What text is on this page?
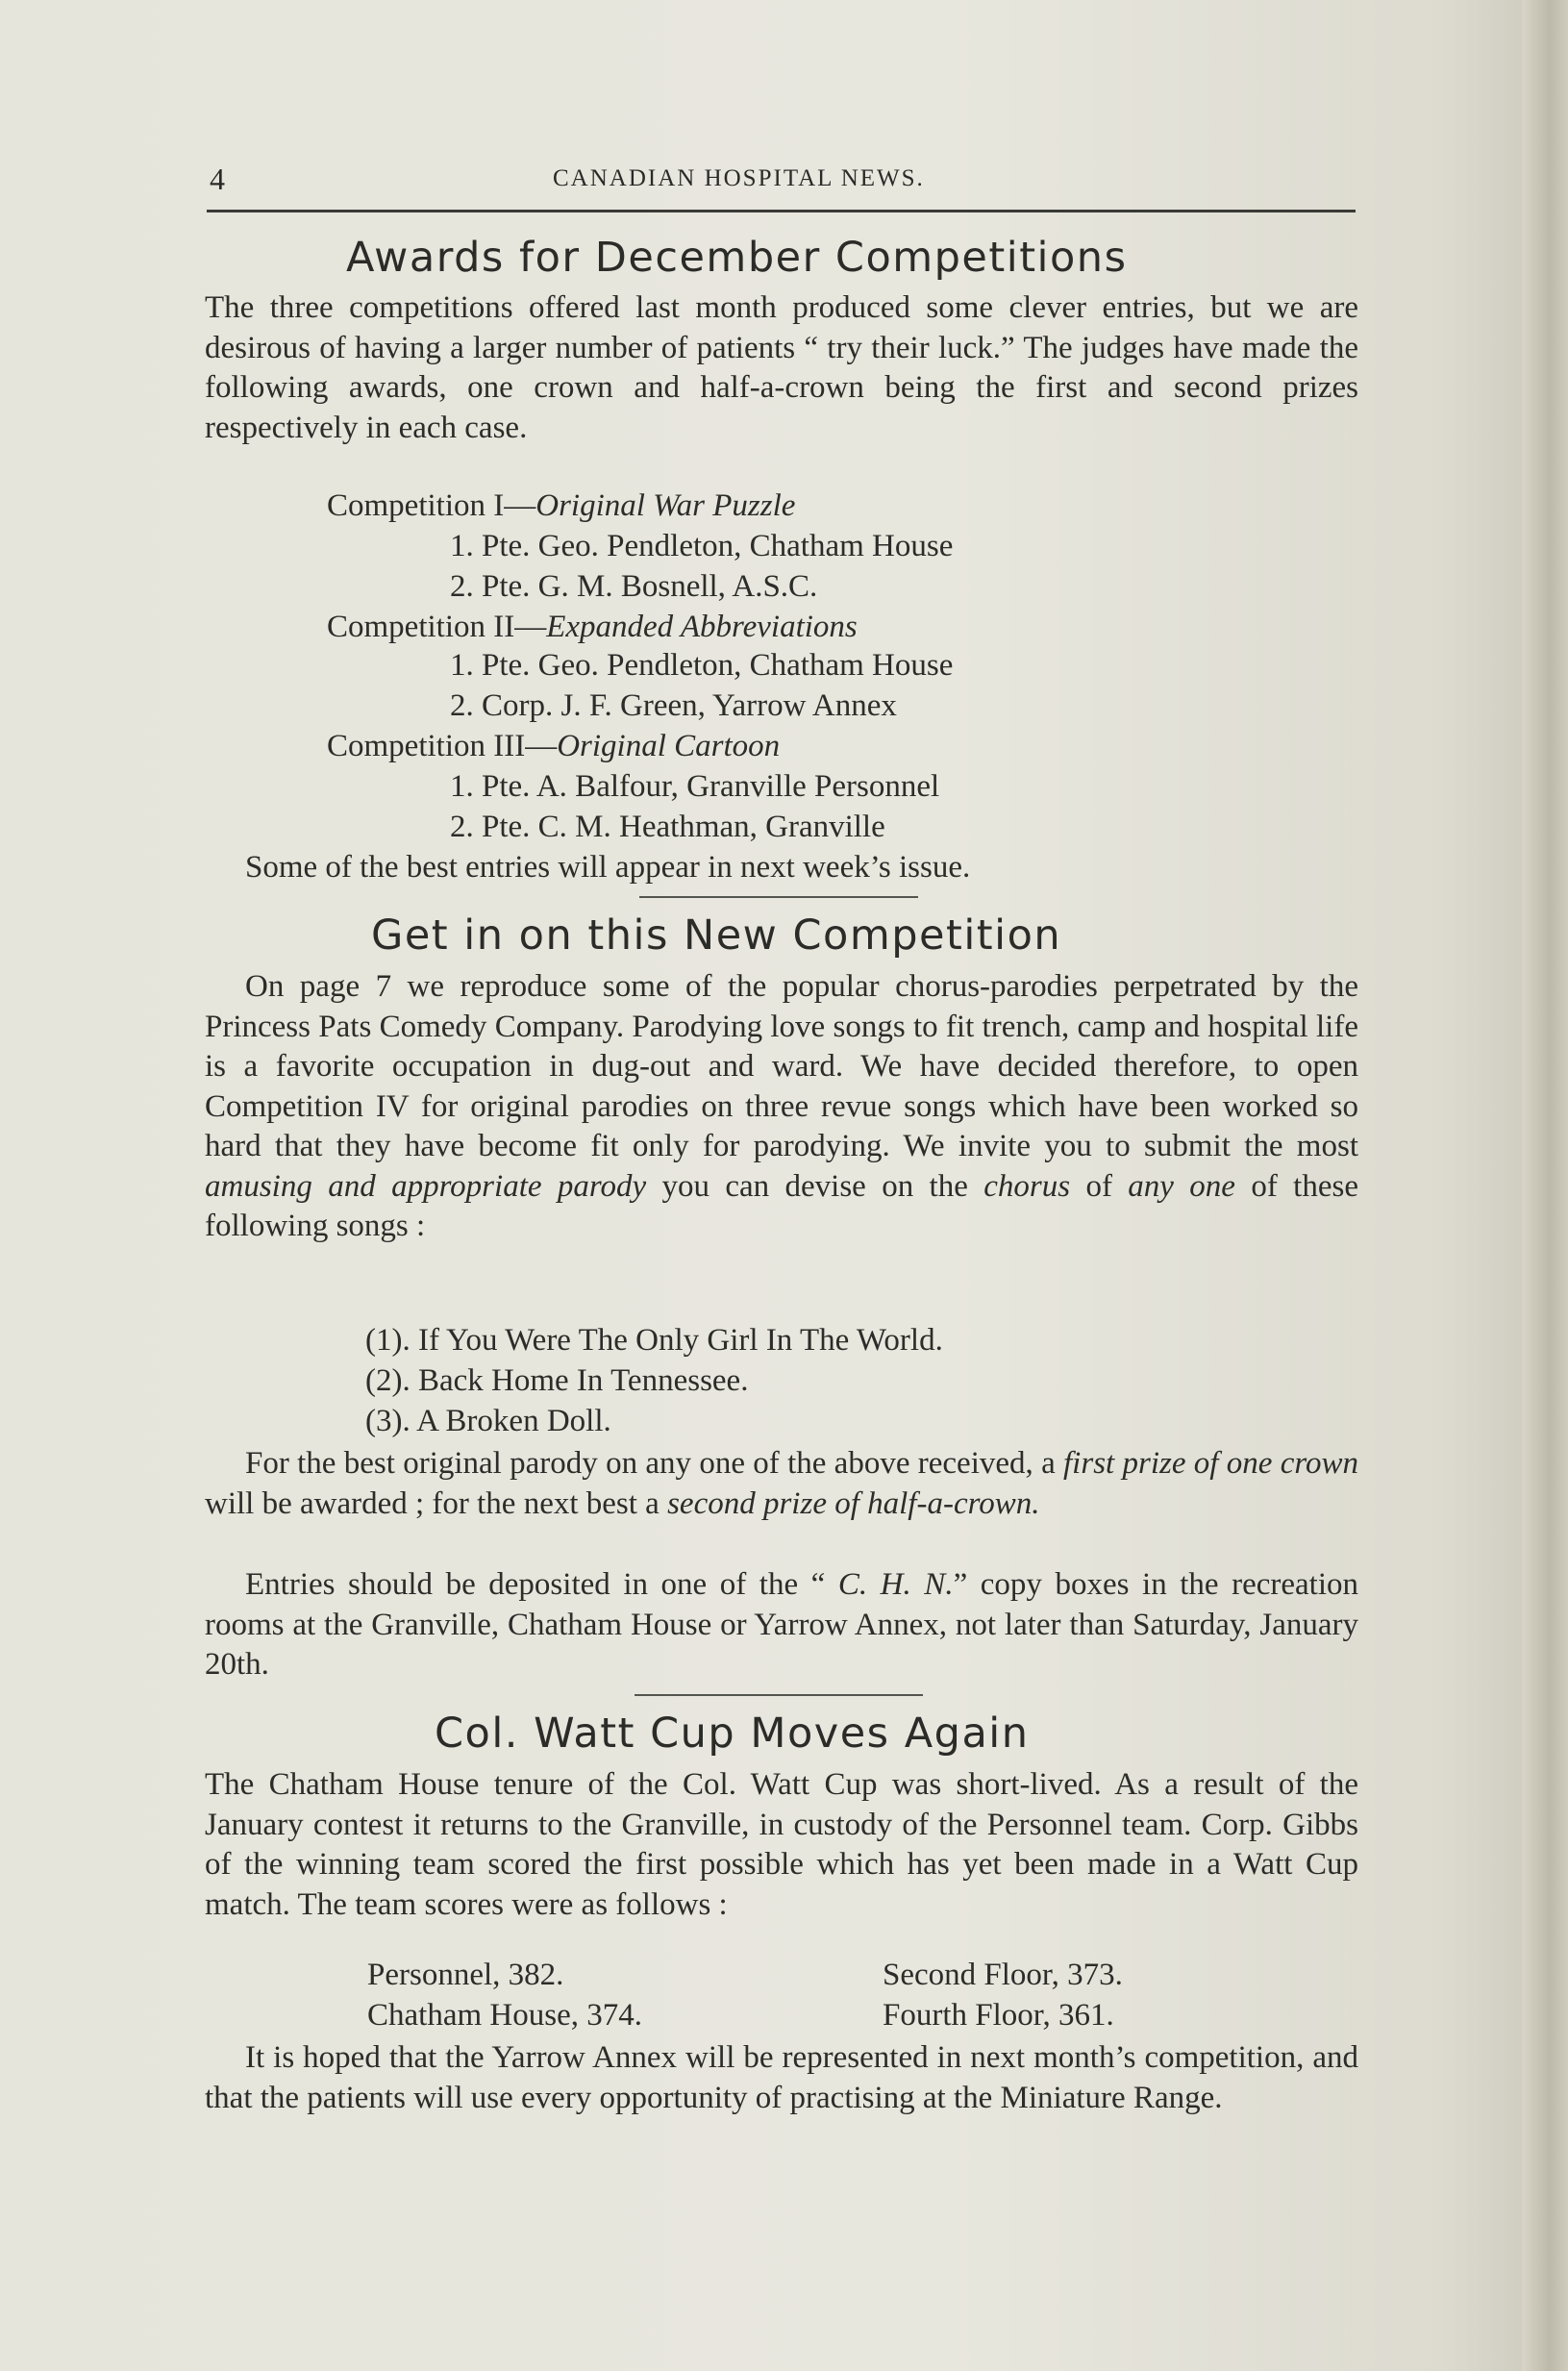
4	CANADIAN HOSPITAL NEWS.
Awards for December Competitions
The three competitions offered last month produced some clever entries, but we are desirous of having a larger number of patients “ try their luck.” The judges have made the following awards, one crown and half-a-crown being the first and second prizes respectively in each case.
Competition I—Original War Puzzle
1. Pte. Geo. Pendleton, Chatham House
2. Pte. G. M. Bosnell, A.S.C.
Competition II—Expanded Abbreviations
1. Pte. Geo. Pendleton, Chatham House
2. Corp. J. F. Green, Yarrow Annex
Competition III—Original Cartoon
1. Pte. A. Balfour, Granville Personnel
2. Pte. C. M. Heathman, Granville
Some of the best entries will appear in next week’s issue.
Get in on this New Competition
On page 7 we reproduce some of the popular chorus-parodies perpetrated by the Princess Pats Comedy Company. Parodying love songs to fit trench, camp and hospital life is a favorite occupation in dug-out and ward. We have decided therefore, to open Competition IV for original parodies on three revue songs which have been worked so hard that they have become fit only for parodying. We invite you to submit the most amusing and appropriate parody you can devise on the chorus of any one of these following songs :
(1). If You Were The Only Girl In The World.
(2). Back Home In Tennessee.
(3). A Broken Doll.
For the best original parody on any one of the above received, a first prize of one crown will be awarded ; for the next best a second prize of half-a-crown.
Entries should be deposited in one of the “ C. H. N.” copy boxes in the recreation rooms at the Granville, Chatham House or Yarrow Annex, not later than Saturday, January 20th.
Col. Watt Cup Moves Again
The Chatham House tenure of the Col. Watt Cup was short-lived. As a result of the January contest it returns to the Granville, in custody of the Personnel team. Corp. Gibbs of the winning team scored the first possible which has yet been made in a Watt Cup match. The team scores were as follows :
Personnel, 382.	Second Floor, 373.
Chatham House, 374.	Fourth Floor, 361.
It is hoped that the Yarrow Annex will be represented in next month’s competition, and that the patients will use every opportunity of practising at the Miniature Range.
